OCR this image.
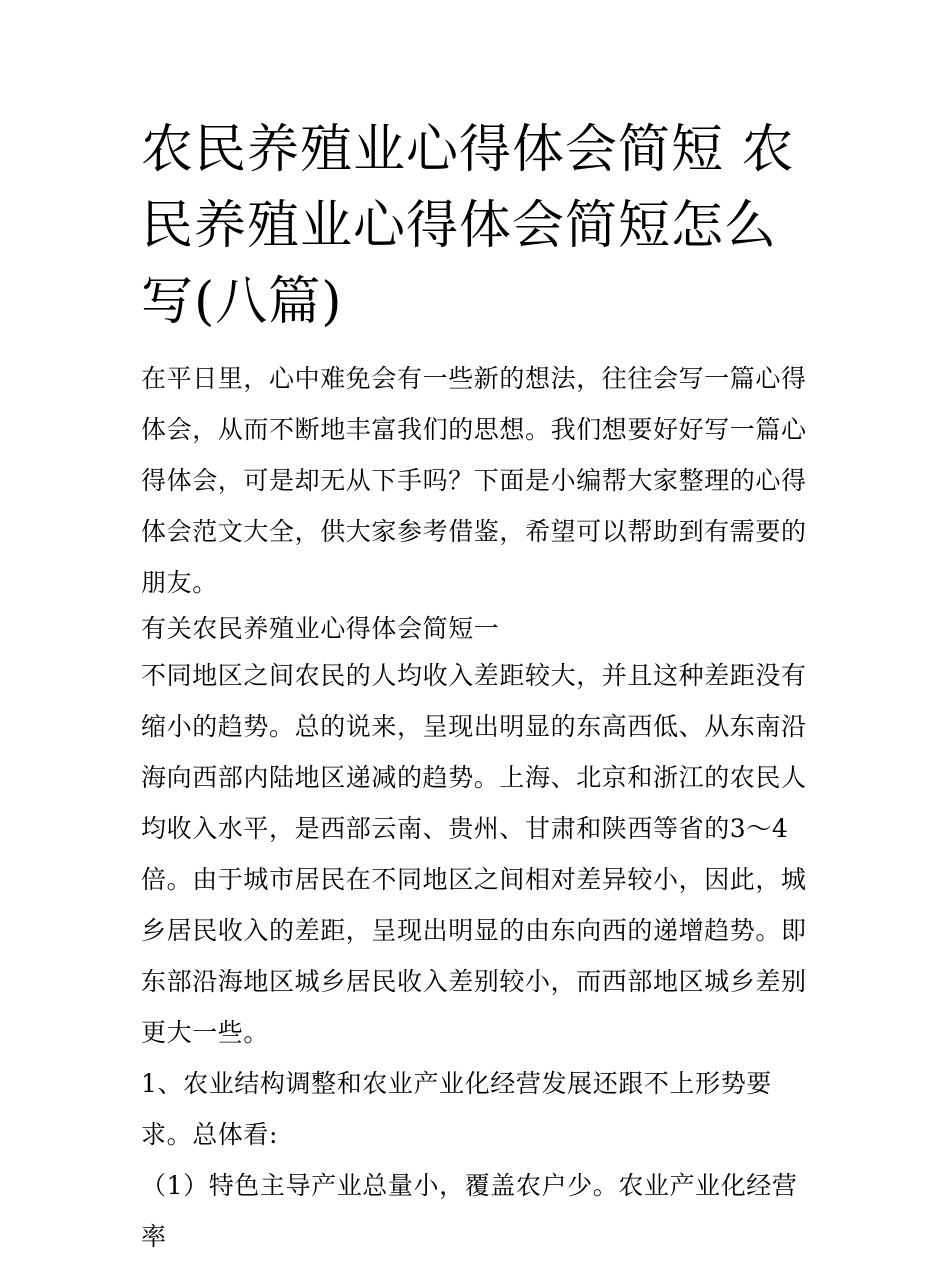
农民养殖业心得体会简短 农民养殖业心得体会简短怎么写(八篇)

在平日里，心中难免会有一些新的想法，往往会写一篇心得体会，从而不断地丰富我们的思想。我们想要好好写一篇心得体会，可是却无从下手吗？下面是小编帮大家整理的心得体会范文大全，供大家参考借鉴，希望可以帮助到有需要的朋友。

有关农民养殖业心得体会简短一

不同地区之间农民的人均收入差距较大，并且这种差距没有缩小的趋势。总的说来，呈现出明显的东高西低、从东南沿海向西部内陆地区递减的趋势。上海、北京和浙江的农民人均收入水平，是西部云南、贵州、甘肃和陕西等省的3～4倍。由于城市居民在不同地区之间相对差异较小，因此，城乡居民收入的差距，呈现出明显的由东向西的递增趋势。即东部沿海地区城乡居民收入差别较小，而西部地区城乡差别更大一些。

1、农业结构调整和农业产业化经营发展还跟不上形势要求。总体看:

（1）特色主导产业总量小，覆盖农户少。农业产业化经营率
